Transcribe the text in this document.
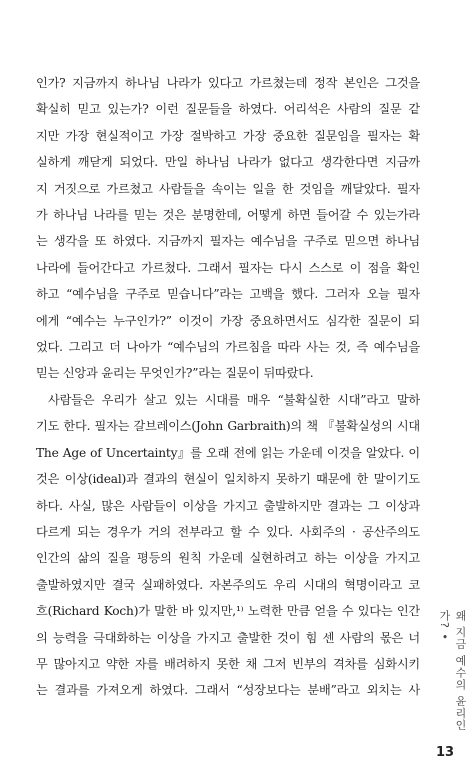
인가? 지금까지 하나님 나라가 있다고 가르쳤는데 정작 본인은 그것을
확실히 믿고 있는가? 이런 질문들을 하였다. 어리석은 사람의 질문 같
지만 가장 현실적이고 가장 절박하고 가장 중요한 질문임을 필자는 확
실하게 깨닫게 되었다. 만일 하나님 나라가 없다고 생각한다면 지금까
지 거짓으로 가르쳤고 사람들을 속이는 일을 한 것임을 깨달았다. 필자
가 하나님 나라를 믿는 것은 분명한데, 어떻게 하면 들어갈 수 있는가라
는 생각을 또 하였다. 지금까지 필자는 예수님을 구주로 믿으면 하나님
나라에 들어간다고 가르쳤다. 그래서 필자는 다시 스스로 이 점을 확인
하고 “예수님을 구주로 믿습니다”라는 고백을 했다. 그러자 오늘 필자
에게 “예수는 누구인가?” 이것이 가장 중요하면서도 심각한 질문이 되
었다. 그리고 더 나아가 “예수님의 가르침을 따라 사는 것, 즉 예수님을
믿는 신앙과 윤리는 무엇인가?”라는 질문이 뒤따랐다.
사람들은 우리가 살고 있는 시대를 매우 “불확실한 시대”라고 말하
기도 한다. 필자는 갈브레이스(John Garbraith)의 책 『불확실성의 시대
The Age of Uncertainty』를 오래 전에 읽는 가운데 이것을 알았다. 이
것은 이상(ideal)과 결과의 현실이 일치하지 못하기 때문에 한 말이기도
하다. 사실, 많은 사람들이 이상을 가지고 출발하지만 결과는 그 이상과
다르게 되는 경우가 거의 전부라고 할 수 있다. 사회주의 · 공산주의도
인간의 삶의 질을 평등의 원칙 가운데 실현하려고 하는 이상을 가지고
출발하였지만 결국 실패하였다. 자본주의도 우리 시대의 혁명이라고 코
흐(Richard Koch)가 말한 바 있지만,¹⁾ 노력한 만큼 얻을 수 있다는 인간
의 능력을 극대화하는 이상을 가지고 출발한 것이 힘 센 사람의 몫은 너
무 많아지고 약한 자를 배려하지 못한 채 그저 빈부의 격차를 심화시키
는 결과를 가져오게 하였다. 그래서 “성장보다는 분배”라고 외치는 사	왜 지금 예수의 윤리인가? •
13
